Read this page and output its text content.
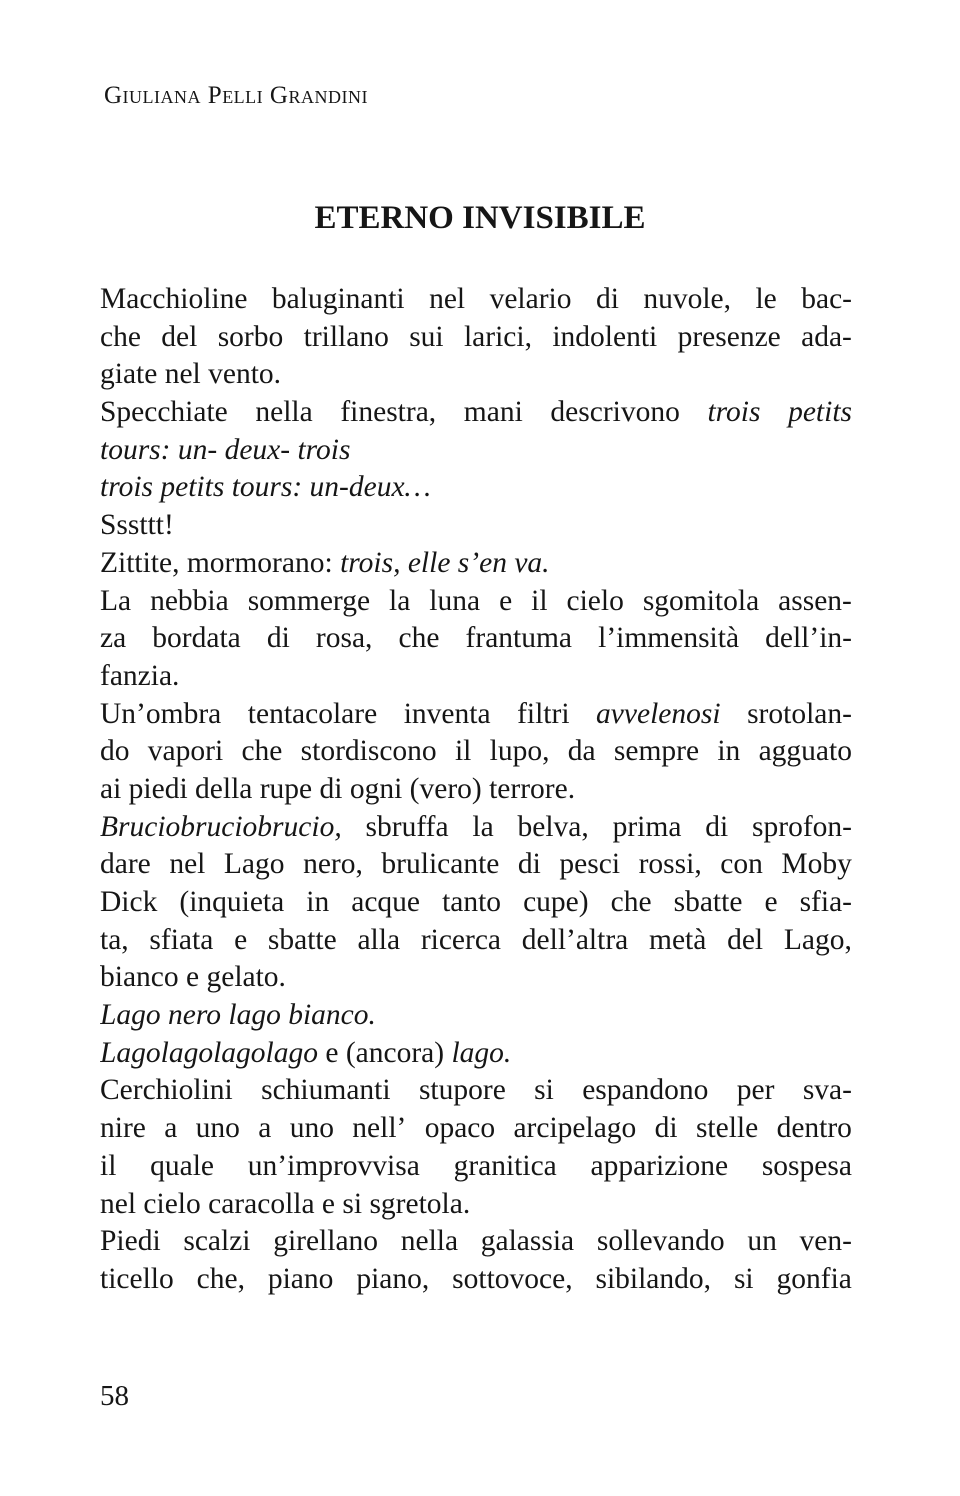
Giuliana Pelli Grandini
ETERNO INVISIBILE
Macchioline baluginanti nel velario di nuvole, le bac-
che del sorbo trillano sui larici, indolenti presenze ada-
giate nel vento.
Specchiate nella finestra, mani descrivono trois petits
tours: un- deux- trois
trois petits tours: un-deux…
Sssttt!
Zittite, mormorano: trois, elle s’en va.
La nebbia sommerge la luna e il cielo sgomitola assen-
za bordata di rosa, che frantuma l’immensità dell’in-
fanzia.
Un’ombra tentacolare inventa filtri avvelenosi srotolan-
do vapori che stordiscono il lupo, da sempre in agguato
ai piedi della rupe di ogni (vero) terrore.
Bruciobruciobrucio, sbruffa la belva, prima di sprofon-
dare nel Lago nero, brulicante di pesci rossi, con Moby
Dick (inquieta in acque tanto cupe) che sbatte e sfia-
ta, sfiata e sbatte alla ricerca dell’altra metà del Lago,
bianco e gelato.
Lago nero lago bianco.
Lagolagolagolago e (ancora) lago.
Cerchiolini schiumanti stupore si espandono per sva-
nire a uno a uno nell’ opaco arcipelago di stelle dentro
il quale un’improvvisa granitica apparizione sospesa
nel cielo caracolla e si sgretola.
Piedi scalzi girellano nella galassia sollevando un ven-
ticello che, piano piano, sottovoce, sibilando, si gonfia
58
